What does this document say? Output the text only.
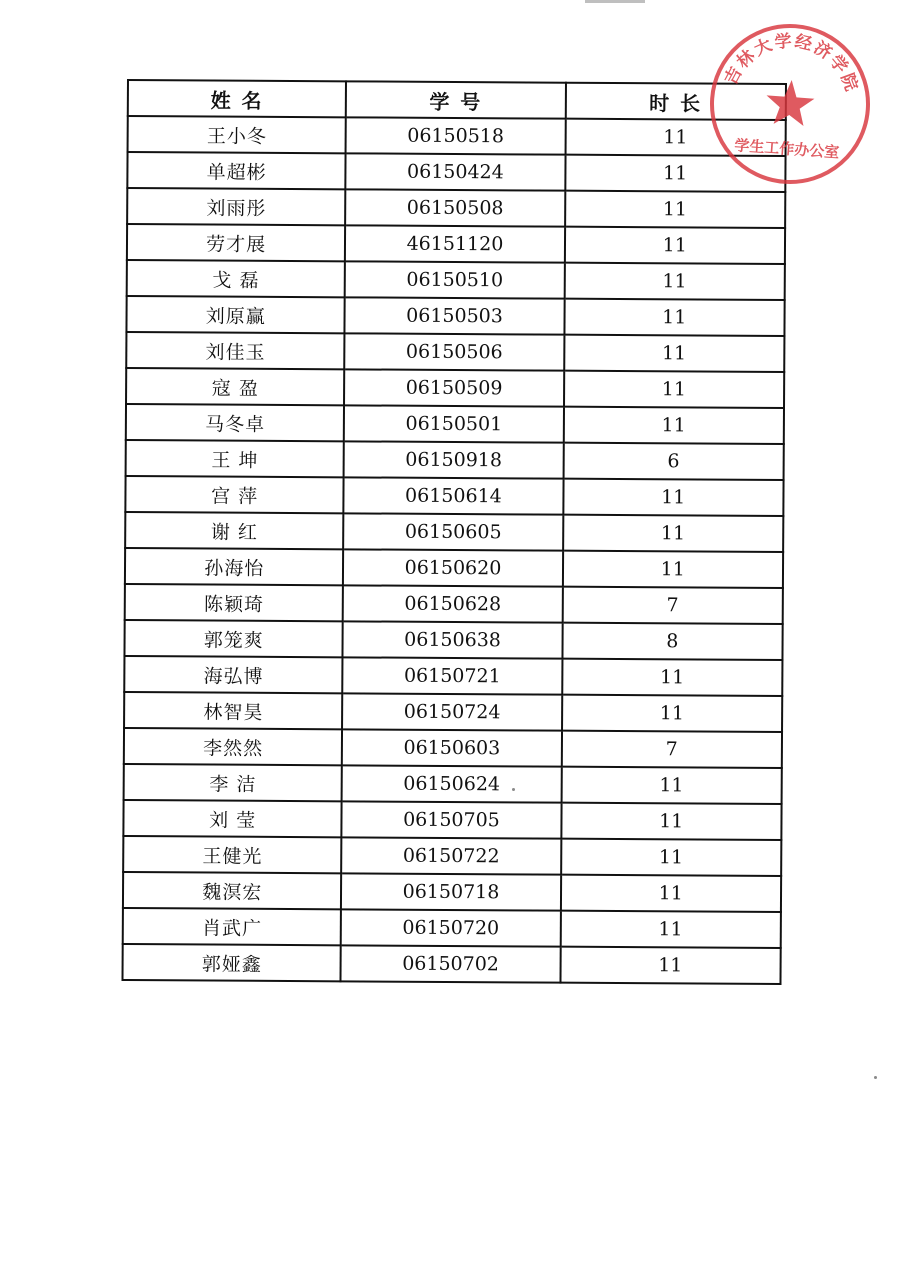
姓 名	学 号	时 长
王小冬	06150518	11
单超彬	06150424	11
刘雨彤	06150508	11
劳才展	46151120	11
戈 磊	06150510	11
刘原赢	06150503	11
刘佳玉	06150506	11
寇 盈	06150509	11
马冬卓	06150501	11
王 坤	06150918	6
宫 萍	06150614	11
谢 红	06150605	11
孙海怡	06150620	11
陈颖琦	06150628	7
郭笼爽	06150638	8
海弘博	06150721	11
林智昊	06150724	11
李然然	06150603	7
李 洁	06150624	11
刘 莹	06150705	11
王健光	06150722	11
魏溟宏	06150718	11
肖武广	06150720	11
郭娅鑫	06150702	11
吉林大学经济学院
学生工作办公室
